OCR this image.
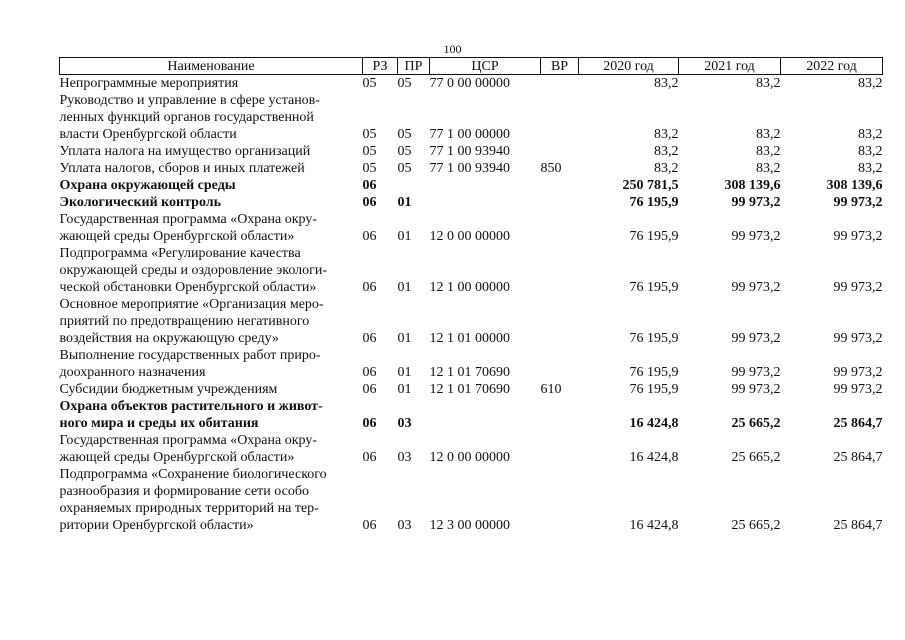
100
Наименование	РЗ	ПР	ЦСР	ВР	2020 год	2021 год	2022 год

Непрограммные мероприятия	05	05	77 0 00 00000		83,2	83,2	83,2

Руководство и управление в сфере установ-
ленных функций органов государственной
власти Оренбургской области	05	05	77 1 00 00000		83,2	83,2	83,2

Уплата налога на имущество организаций	05	05	77 1 00 93940		83,2	83,2	83,2

Уплата налогов, сборов и иных платежей	05	05	77 1 00 93940	850	83,2	83,2	83,2

Охрана окружающей среды	06				250 781,5	308 139,6	308 139,6

Экологический контроль	06	01			76 195,9	99 973,2	99 973,2

Государственная программа «Охрана окру-
жающей среды Оренбургской области»	06	01	12 0 00 00000		76 195,9	99 973,2	99 973,2

Подпрограмма «Регулирование качества
окружающей среды и оздоровление экологи-
ческой обстановки Оренбургской области»	06	01	12 1 00 00000		76 195,9	99 973,2	99 973,2

Основное мероприятие «Организация меро-
приятий по предотвращению негативного
воздействия на окружающую среду»	06	01	12 1 01 00000		76 195,9	99 973,2	99 973,2

Выполнение государственных работ приро-
доохранного назначения	06	01	12 1 01 70690		76 195,9	99 973,2	99 973,2

Субсидии бюджетным учреждениям	06	01	12 1 01 70690	610	76 195,9	99 973,2	99 973,2

Охрана объектов растительного и живот-
ного мира и среды их обитания	06	03			16 424,8	25 665,2	25 864,7

Государственная программа «Охрана окру-
жающей среды Оренбургской области»	06	03	12 0 00 00000		16 424,8	25 665,2	25 864,7

Подпрограмма «Сохранение биологического
разнообразия и формирование сети особо
охраняемых природных территорий на тер-
ритории Оренбургской области»	06	03	12 3 00 00000		16 424,8	25 665,2	25 864,7
